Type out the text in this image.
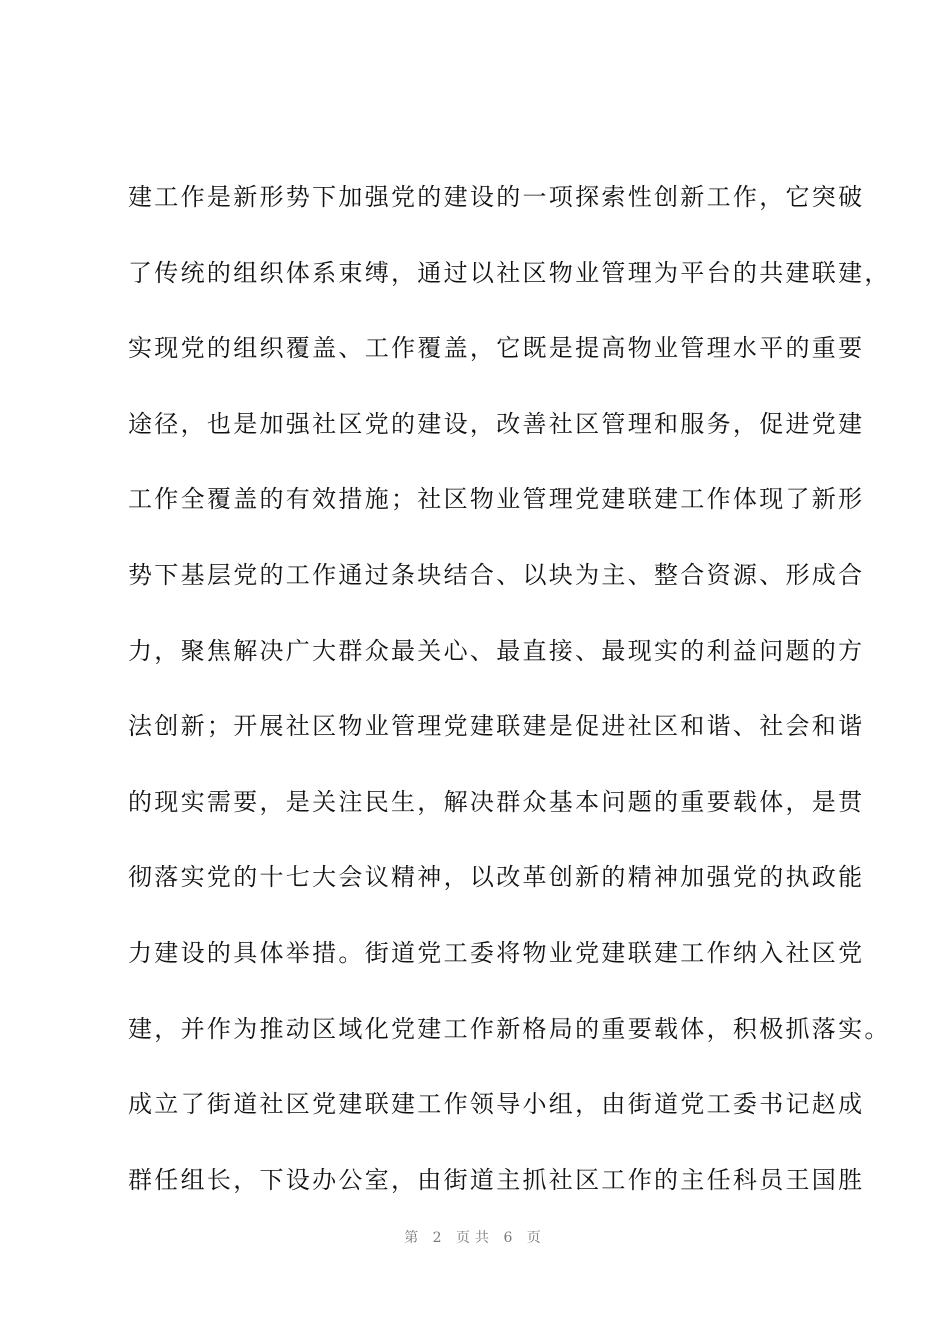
建工作是新形势下加强党的建设的一项探索性创新工作，它突破
了传统的组织体系束缚，通过以社区物业管理为平台的共建联建，
实现党的组织覆盖、工作覆盖，它既是提高物业管理水平的重要
途径，也是加强社区党的建设，改善社区管理和服务，促进党建
工作全覆盖的有效措施；社区物业管理党建联建工作体现了新形
势下基层党的工作通过条块结合、以块为主、整合资源、形成合
力，聚焦解决广大群众最关心、最直接、最现实的利益问题的方
法创新；开展社区物业管理党建联建是促进社区和谐、社会和谐
的现实需要，是关注民生，解决群众基本问题的重要载体，是贯
彻落实党的十七大会议精神，以改革创新的精神加强党的执政能
力建设的具体举措。街道党工委将物业党建联建工作纳入社区党
建，并作为推动区域化党建工作新格局的重要载体，积极抓落实。
成立了街道社区党建联建工作领导小组，由街道党工委书记赵成
群任组长，下设办公室，由街道主抓社区工作的主任科员王国胜
第 2 页共 6 页
